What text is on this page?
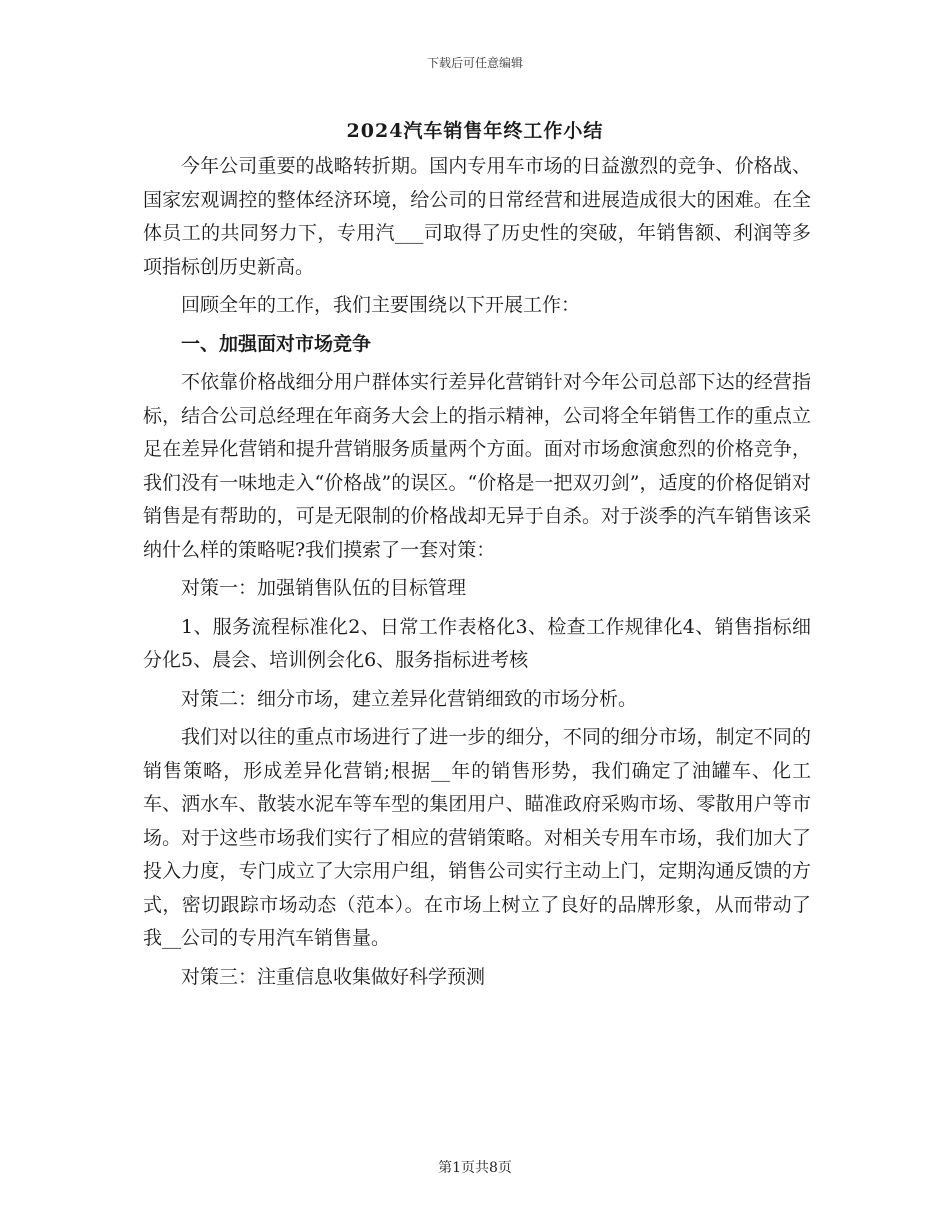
下载后可任意编辑
2024汽车销售年终工作小结

今年公司重要的战略转折期。国内专用车市场的日益激烈的竞争、价格战、国家宏观调控的整体经济环境，给公司的日常经营和进展造成很大的困难。在全体员工的共同努力下，专用汽___司取得了历史性的突破，年销售额、利润等多项指标创历史新高。

回顾全年的工作，我们主要围绕以下开展工作：

一、加强面对市场竞争

不依靠价格战细分用户群体实行差异化营销针对今年公司总部下达的经营指标，结合公司总经理在年商务大会上的指示精神，公司将全年销售工作的重点立足在差异化营销和提升营销服务质量两个方面。面对市场愈演愈烈的价格竞争，我们没有一味地走入“价格战”的误区。“价格是一把双刃剑”，适度的价格促销对销售是有帮助的，可是无限制的价格战却无异于自杀。对于淡季的汽车销售该采纳什么样的策略呢?我们摸索了一套对策：

对策一：加强销售队伍的目标管理

1、服务流程标准化2、日常工作表格化3、检查工作规律化4、销售指标细分化5、晨会、培训例会化6、服务指标进考核

对策二：细分市场，建立差异化营销细致的市场分析。

我们对以往的重点市场进行了进一步的细分，不同的细分市场，制定不同的销售策略，形成差异化营销;根据__年的销售形势，我们确定了油罐车、化工车、洒水车、散装水泥车等车型的集团用户、瞄准政府采购市场、零散用户等市场。对于这些市场我们实行了相应的营销策略。对相关专用车市场，我们加大了投入力度，专门成立了大宗用户组，销售公司实行主动上门，定期沟通反馈的方式，密切跟踪市场动态（范本）。在市场上树立了良好的品牌形象，从而带动了我__公司的专用汽车销售量。

对策三：注重信息收集做好科学预测

第1页共8页
